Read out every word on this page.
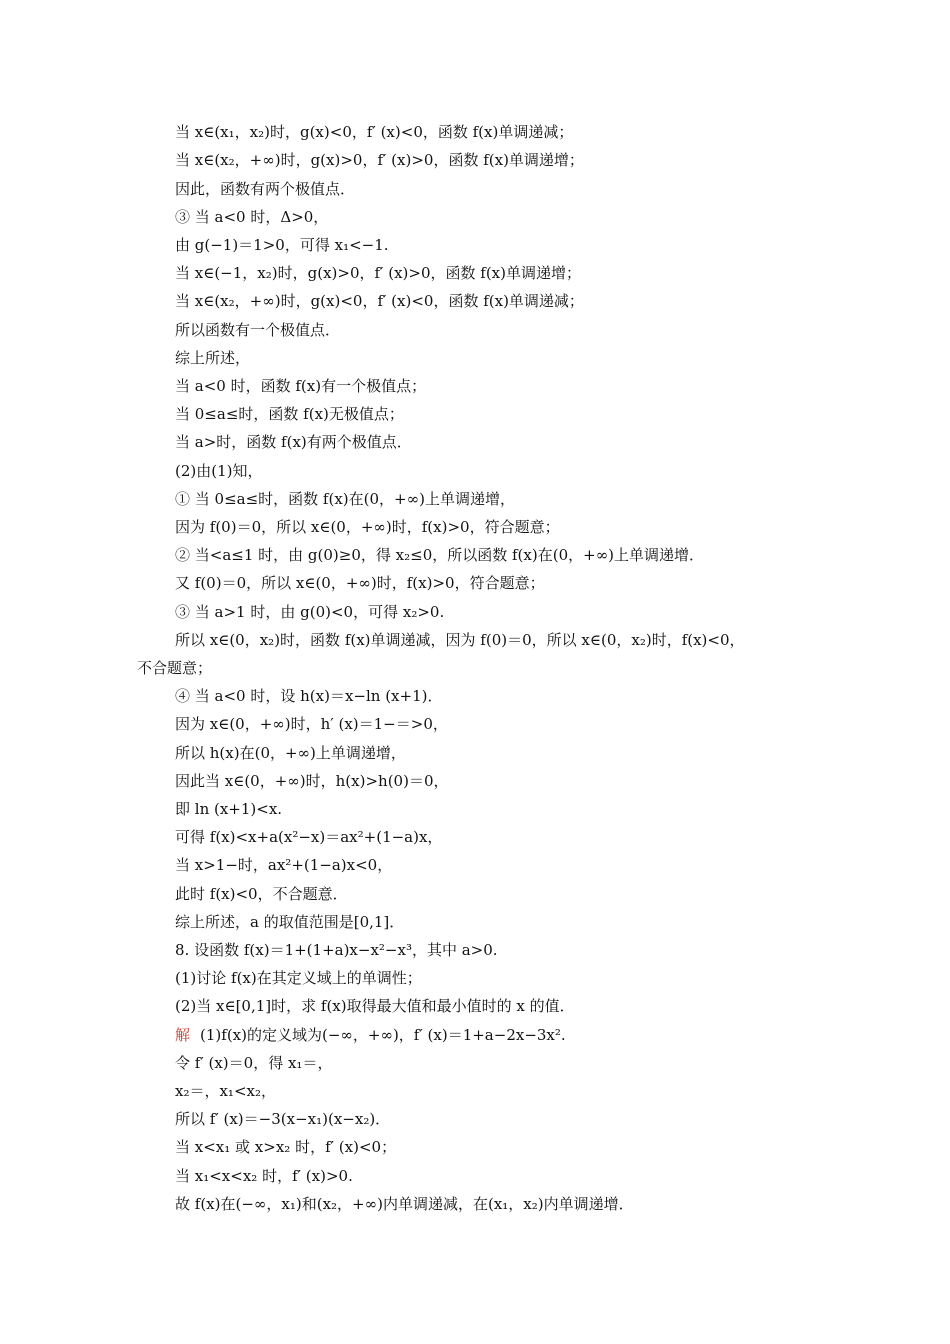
当 x∈(x₁，x₂)时，g(x)<0，f′ (x)<0，函数 f(x)单调递减；
当 x∈(x₂，+∞)时，g(x)>0，f′ (x)>0，函数 f(x)单调递增；
因此，函数有两个极值点．
③ 当 a<0 时，Δ>0，
由 g(−1)＝1>0，可得 x₁<−1.
当 x∈(−1，x₂)时，g(x)>0，f′ (x)>0，函数 f(x)单调递增；
当 x∈(x₂，+∞)时，g(x)<0，f′ (x)<0，函数 f(x)单调递减；
所以函数有一个极值点．
综上所述，
当 a<0 时，函数 f(x)有一个极值点；
当 0≤a≤时，函数 f(x)无极值点；
当 a>时，函数 f(x)有两个极值点．
(2)由(1)知，
① 当 0≤a≤时，函数 f(x)在(0，+∞)上单调递增，
因为 f(0)＝0，所以 x∈(0，+∞)时，f(x)>0，符合题意；
② 当<a≤1 时，由 g(0)≥0，得 x₂≤0，所以函数 f(x)在(0，+∞)上单调递增．
又 f(0)＝0，所以 x∈(0，+∞)时，f(x)>0，符合题意；
③ 当 a>1 时，由 g(0)<0，可得 x₂>0.
所以 x∈(0，x₂)时，函数 f(x)单调递减，因为 f(0)＝0，所以 x∈(0，x₂)时，f(x)<0，
不合题意；
④ 当 a<0 时，设 h(x)＝x−ln (x+1)．
因为 x∈(0，+∞)时，h′ (x)＝1−＝>0，
所以 h(x)在(0，+∞)上单调递增，
因此当 x∈(0，+∞)时，h(x)>h(0)＝0，
即 ln (x+1)<x.
可得 f(x)<x+a(x²−x)＝ax²+(1−a)x，
当 x>1−时，ax²+(1−a)x<0，
此时 f(x)<0，不合题意．
综上所述，a 的取值范围是[0,1]．
8. 设函数 f(x)＝1+(1+a)x−x²−x³，其中 a>0.
(1)讨论 f(x)在其定义域上的单调性；
(2)当 x∈[0,1]时，求 f(x)取得最大值和最小值时的 x 的值．
解 (1)f(x)的定义域为(−∞，+∞)，f′ (x)＝1+a−2x−3x².
令 f′ (x)＝0，得 x₁＝，
x₂＝，x₁<x₂，
所以 f′ (x)＝−3(x−x₁)(x−x₂)．
当 x<x₁ 或 x>x₂ 时，f′ (x)<0；
当 x₁<x<x₂ 时，f′ (x)>0.
故 f(x)在(−∞，x₁)和(x₂，+∞)内单调递减，在(x₁，x₂)内单调递增．
